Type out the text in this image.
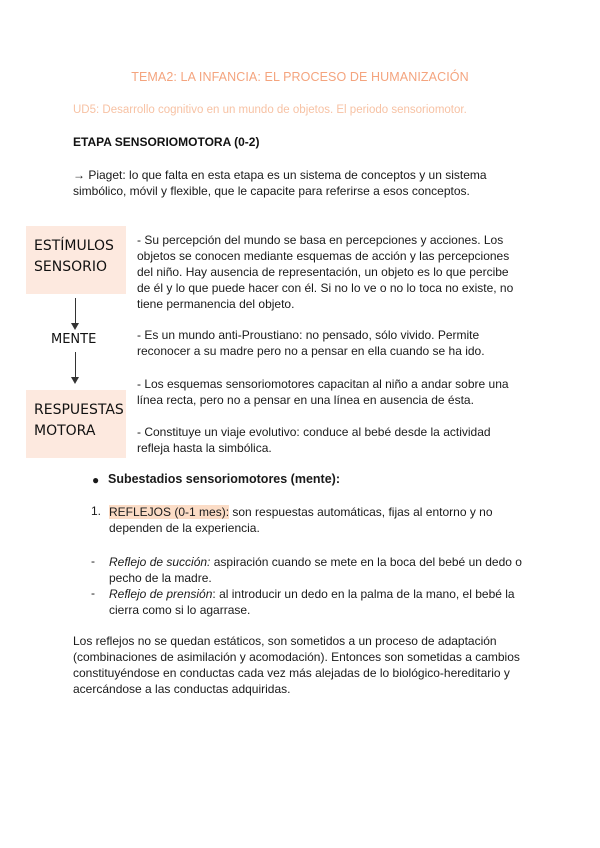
TEMA2: LA INFANCIA: EL PROCESO DE HUMANIZACIÓN
UD5: Desarrollo cognitivo en un mundo de objetos. El periodo sensoriomotor.
ETAPA SENSORIOMOTORA (0-2)
→ Piaget: lo que falta en esta etapa es un sistema de conceptos y un sistema
simbólico, móvil y flexible, que le capacite para referirse a esos conceptos.
ESTÍMULOS
SENSORIO
MENTE
RESPUESTAS
MOTORA
- Su percepción del mundo se basa en percepciones y acciones. Los
objetos se conocen mediante esquemas de acción y las percepciones
del niño. Hay ausencia de representación, un objeto es lo que percibe
de él y lo que puede hacer con él. Si no lo ve o no lo toca no existe, no
tiene permanencia del objeto.
- Es un mundo anti-Proustiano: no pensado, sólo vivido. Permite
reconocer a su madre pero no a pensar en ella cuando se ha ido.
- Los esquemas sensoriomotores capacitan al niño a andar sobre una
línea recta, pero no a pensar en una línea en ausencia de ésta.
- Constituye un viaje evolutivo: conduce al bebé desde la actividad
refleja hasta la simbólica.
● Subestadios sensoriomotores (mente):
1. REFLEJOS (0-1 mes): son respuestas automáticas, fijas al entorno y no
dependen de la experiencia.
- Reflejo de succión: aspiración cuando se mete en la boca del bebé un dedo o
pecho de la madre.
- Reflejo de prensión: al introducir un dedo en la palma de la mano, el bebé la
cierra como si lo agarrase.
Los reflejos no se quedan estáticos, son sometidos a un proceso de adaptación
(combinaciones de asimilación y acomodación). Entonces son sometidas a cambios
constituyéndose en conductas cada vez más alejadas de lo biológico-hereditario y
acercándose a las conductas adquiridas.
